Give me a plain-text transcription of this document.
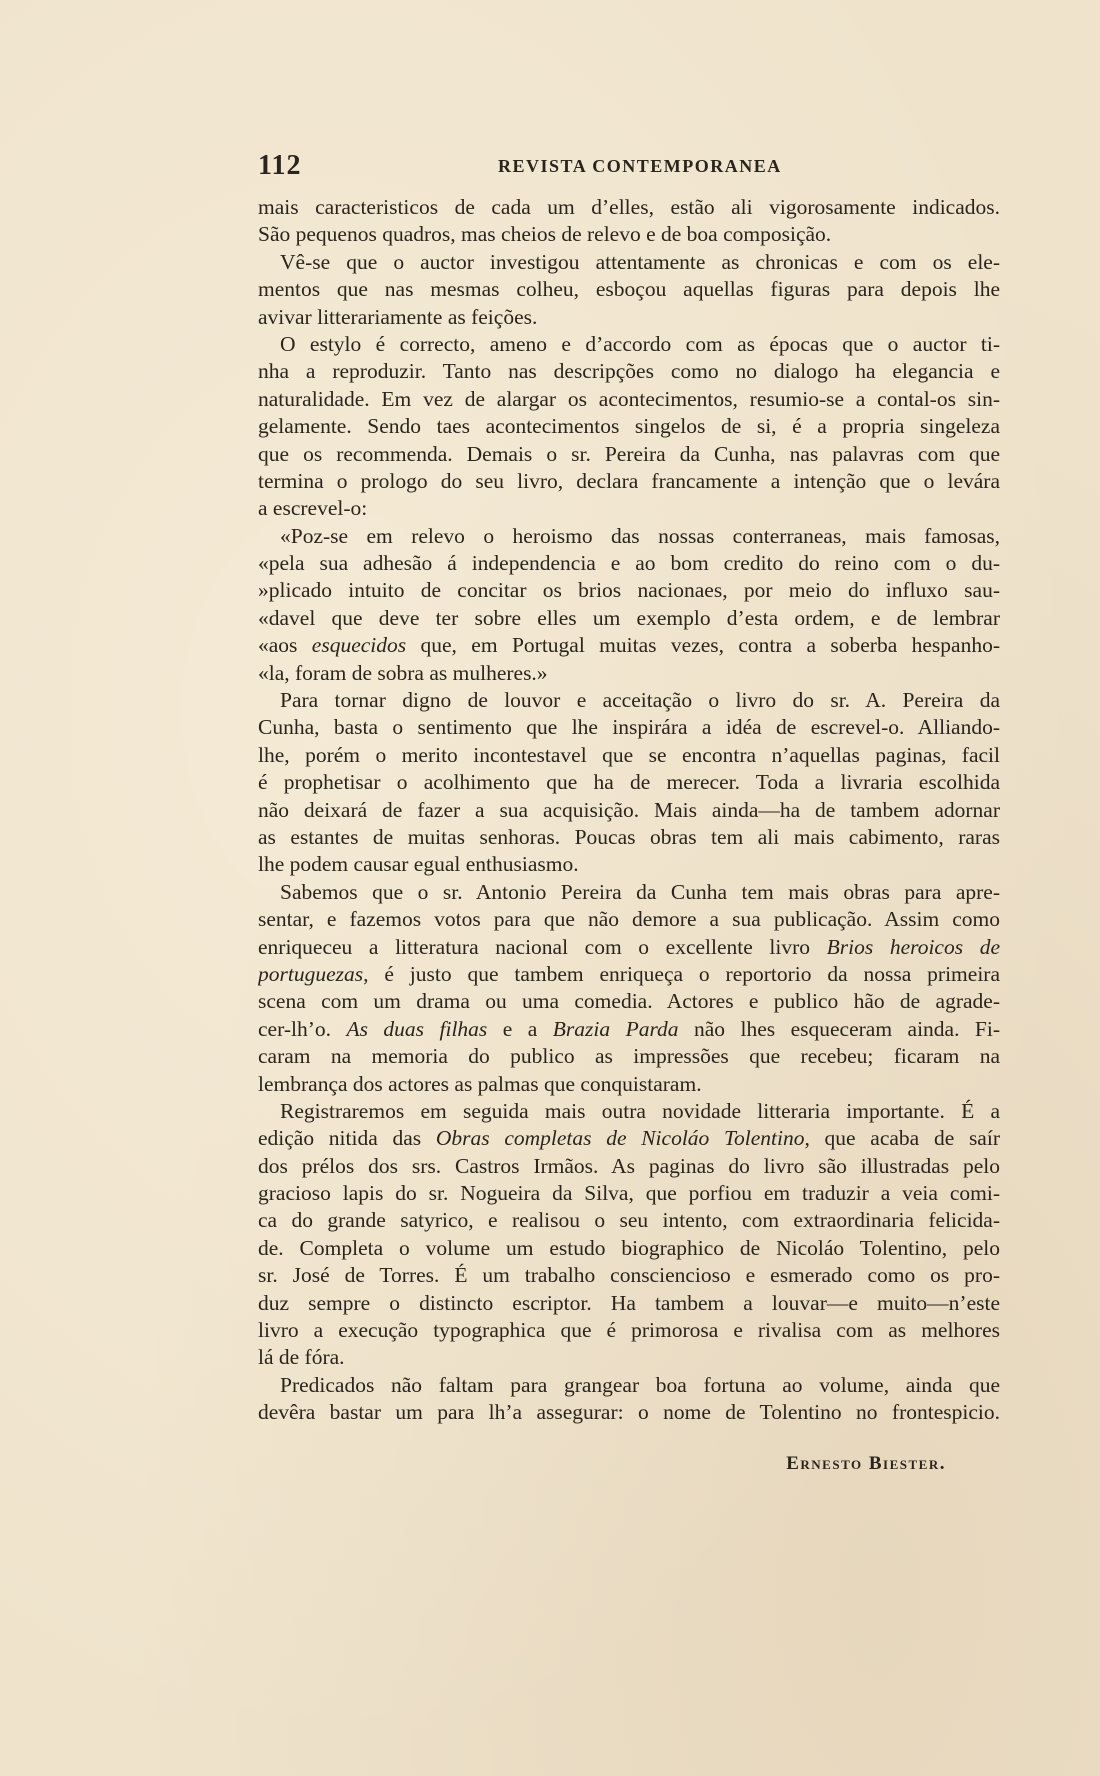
112	REVISTA CONTEMPORANEA
mais caracteristicos de cada um d’elles, estão ali vigorosamente indicados.
São pequenos quadros, mas cheios de relevo e de boa composição.
Vê-se que o auctor investigou attentamente as chronicas e com os ele-
mentos que nas mesmas colheu, esboçou aquellas figuras para depois lhe
avivar litterariamente as feições.
O estylo é correcto, ameno e d’accordo com as épocas que o auctor ti-
nha a reproduzir. Tanto nas descripções como no dialogo ha elegancia e
naturalidade. Em vez de alargar os acontecimentos, resumio-se a contal-os sin-
gelamente. Sendo taes acontecimentos singelos de si, é a propria singeleza
que os recommenda. Demais o sr. Pereira da Cunha, nas palavras com que
termina o prologo do seu livro, declara francamente a intenção que o levára
a escrevel-o:
«Poz-se em relevo o heroismo das nossas conterraneas, mais famosas,
«pela sua adhesão á independencia e ao bom credito do reino com o du-
»plicado intuito de concitar os brios nacionaes, por meio do influxo sau-
«davel que deve ter sobre elles um exemplo d’esta ordem, e de lembrar
«aos esquecidos que, em Portugal muitas vezes, contra a soberba hespanho-
«la, foram de sobra as mulheres.»
Para tornar digno de louvor e acceitação o livro do sr. A. Pereira da
Cunha, basta o sentimento que lhe inspirára a idéa de escrevel-o. Alliando-
lhe, porém o merito incontestavel que se encontra n’aquellas paginas, facil
é prophetisar o acolhimento que ha de merecer. Toda a livraria escolhida
não deixará de fazer a sua acquisição. Mais ainda—ha de tambem adornar
as estantes de muitas senhoras. Poucas obras tem ali mais cabimento, raras
lhe podem causar egual enthusiasmo.
Sabemos que o sr. Antonio Pereira da Cunha tem mais obras para apre-
sentar, e fazemos votos para que não demore a sua publicação. Assim como
enriqueceu a litteratura nacional com o excellente livro Brios heroicos de
portuguezas, é justo que tambem enriqueça o reportorio da nossa primeira
scena com um drama ou uma comedia. Actores e publico hão de agrade-
cer-lh’o. As duas filhas e a Brazia Parda não lhes esqueceram ainda. Fi-
caram na memoria do publico as impressões que recebeu; ficaram na
lembrança dos actores as palmas que conquistaram.
Registraremos em seguida mais outra novidade litteraria importante. É a
edição nitida das Obras completas de Nicoláo Tolentino, que acaba de saír
dos prélos dos srs. Castros Irmãos. As paginas do livro são illustradas pelo
gracioso lapis do sr. Nogueira da Silva, que porfiou em traduzir a veia comi-
ca do grande satyrico, e realisou o seu intento, com extraordinaria felicida-
de. Completa o volume um estudo biographico de Nicoláo Tolentino, pelo
sr. José de Torres. É um trabalho consciencioso e esmerado como os pro-
duz sempre o distincto escriptor. Ha tambem a louvar—e muito—n’este
livro a execução typographica que é primorosa e rivalisa com as melhores
lá de fóra.
Predicados não faltam para grangear boa fortuna ao volume, ainda que
devêra bastar um para lh’a assegurar: o nome de Tolentino no frontespicio.
Ernesto Biester.
